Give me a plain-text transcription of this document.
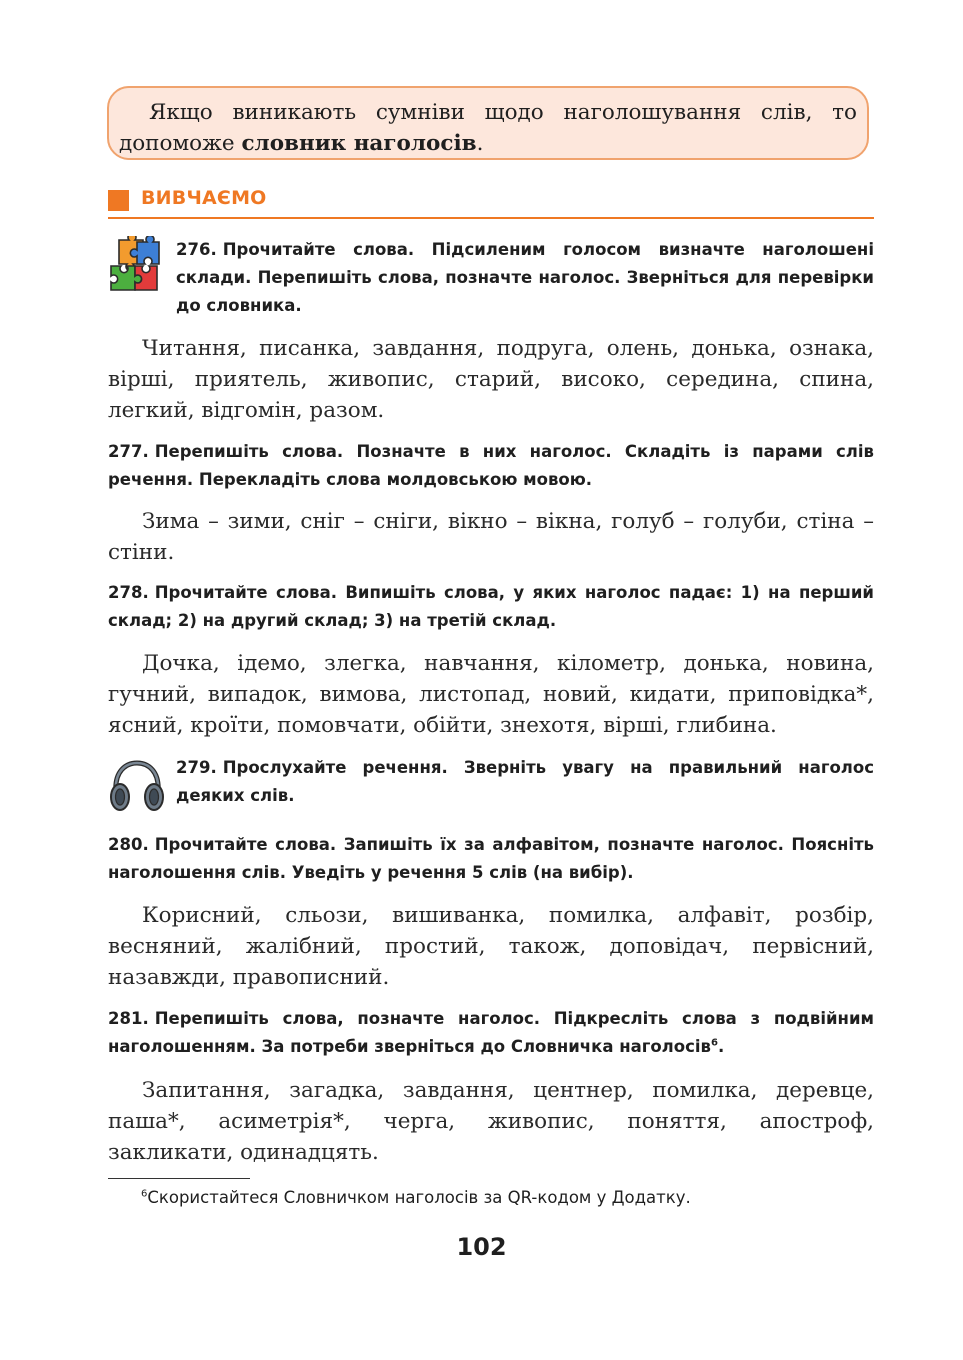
Якщо виникають сумніви щодо наголошування слів, то допоможе словник наголосів.
ВИВЧАЄМО
276. Прочитайте слова. Підсиленим голосом визначте наголошені склади. Перепишіть слова, позначте наголос. Зверніться для перевірки до словника.
Читання, писанка, завдання, подруга, олень, донька, ознака, вірші, приятель, живопис, старий, високо, середина, спина, легкий, відгомін, разом.
277. Перепишіть слова. Позначте в них наголос. Складіть із парами слів речення. Перекладіть слова молдовською мовою.
Зима – зими, сніг – сніги, вікно – вікна, голуб – голуби, стіна – стіни.
278. Прочитайте слова. Випишіть слова, у яких наголос падає: 1) на перший склад; 2) на другий склад; 3) на третій склад.
Дочка, ідемо, злегка, навчання, кілометр, донька, новина, гучний, випадок, вимова, листопад, новий, кидати, приповідка*, ясний, кроїти, помовчати, обійти, знехотя, вірші, глибина.
279. Прослухайте речення. Зверніть увагу на правильний наголос деяких слів.
280. Прочитайте слова. Запишіть їх за алфавітом, позначте наголос. Поясніть наголошення слів. Уведіть у речення 5 слів (на вибір).
Корисний, сльози, вишиванка, помилка, алфавіт, розбір, весняний, жалібний, простий, також, доповідач, первісний, назавжди, правописний.
281. Перепишіть слова, позначте наголос. Підкресліть слова з подвійним наголошенням. За потреби зверніться до Словничка наголосів$^6$.
Запитання, загадка, завдання, центнер, помилка, деревце, паша*, асиметрія*, черга, живопис, поняття, апостроф, закликати, одинадцять.
$^6$Скористайтеся Словничком наголосів за QR-кодом у Додатку.
102
